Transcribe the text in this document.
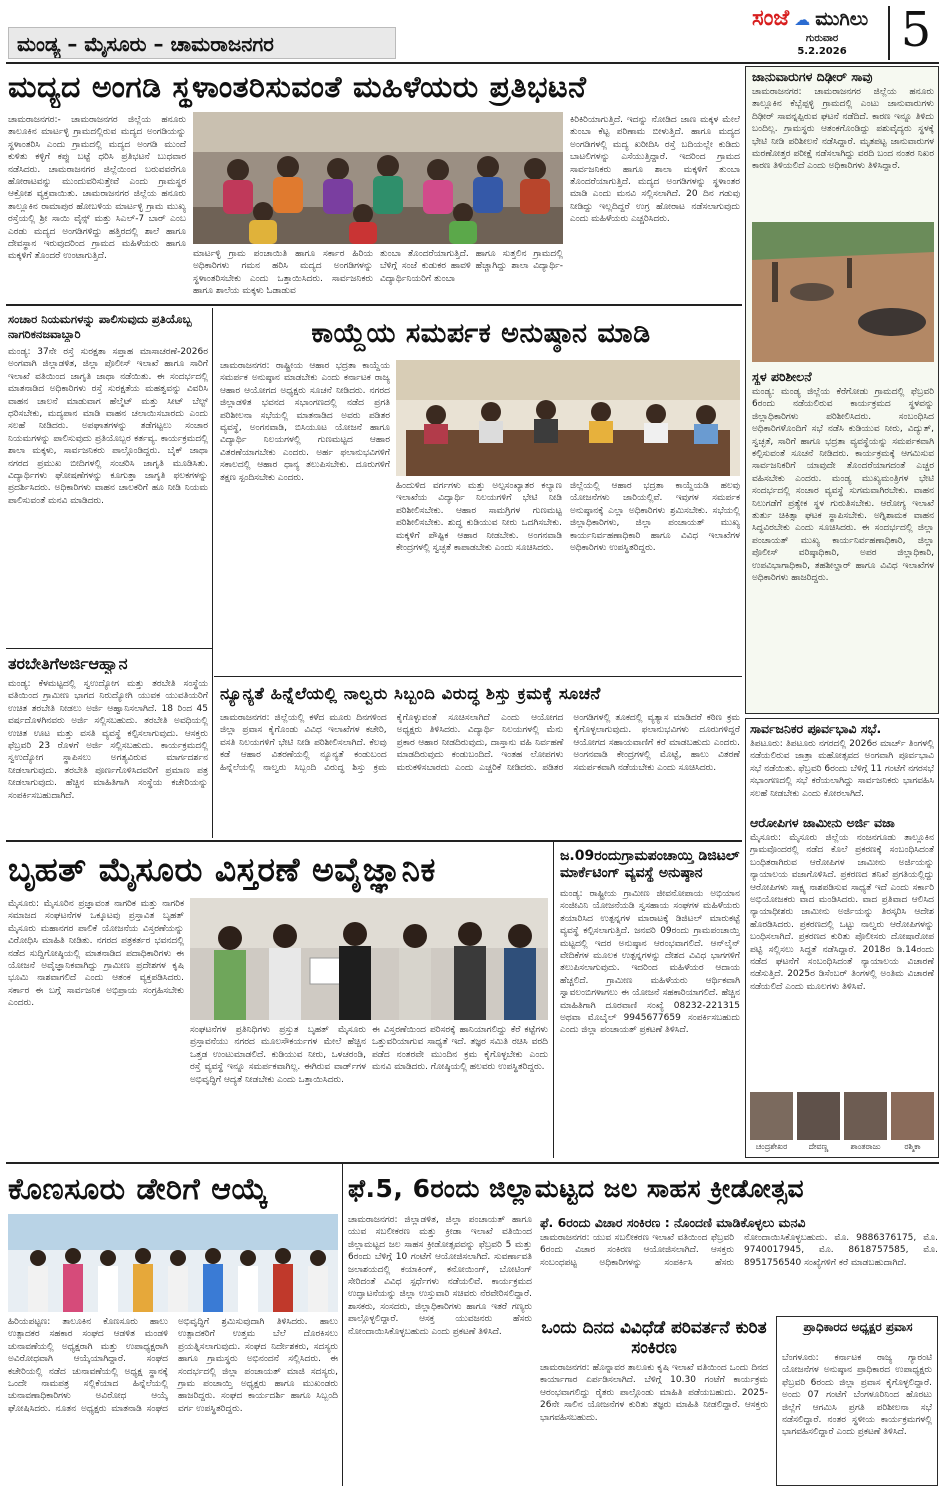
ಮಂಡ್ಯ – ಮೈಸೂರು – ಚಾಮರಾಜನಗರ
ಸಂಜೆ ☁ ಮುಗಿಲು
ಗುರುವಾರ
5.2.2026 5
ಮದ್ಯದ ಅಂಗಡಿ ಸ್ಥಳಾಂತರಿಸುವಂತೆ ಮಹಿಳೆಯರು ಪ್ರತಿಭಟನೆ
ಚಾಮರಾಜನಗರ:- ಚಾಮರಾಜನಗರ ಜಿಲ್ಲೆಯ ಹನೂರು ತಾಲೂಕಿನ ಮಾರ್ಟಳ್ಳಿ ಗ್ರಾಮದಲ್ಲಿರುವ ಮದ್ಯದ ಅಂಗಡಿಯನ್ನು ಸ್ಥಳಾಂತರಿಸಿ ಎಂದು ಗ್ರಾಮದಲ್ಲಿ ಮದ್ಯದ ಅಂಗಡಿ ಮುಂದೆ ಕುಳಿತು ಕಳ್ಳಿಗೆ ಕಪ್ಪು ಬಟ್ಟೆ ಧರಿಸಿ ಪ್ರತಿಭಟನೆ ಬುಧವಾರ ನಡೆಸಿದರು. ಚಾಮರಾಜನಗರ ಜಿಲ್ಲೆಯಿಂದ ಬರುವವರೆಗೂ ಹೋರಾಟವನ್ನು ಮುಂದುವರಿಸುತ್ತೇವೆ ಎಂದು ಗ್ರಾಮಸ್ಥರ ಆಕ್ರೋಶ ವ್ಯಕ್ತವಾಯಿತು. ಚಾಮರಾಜನಗರ ಜಿಲ್ಲೆಯ ಹನೂರು ತಾಲ್ಲೂಕಿನ ರಾಮಾಪುರ ಹೋಬಳಿಯ ಮಾರ್ಟಳ್ಳಿ ಗ್ರಾಮ ಮುಖ್ಯ ರಸ್ತೆಯಲ್ಲಿ ಶ್ರೀ ಸಾಯಿ ವೈನ್ಸ್ ಮತ್ತು ಸಿಎಲ್-7 ಬಾರ್ ಎಂಬ ಎರಡು ಮದ್ಯದ ಅಂಗಡಿಗಳಿದ್ದು ಹತ್ತಿರದಲ್ಲಿ ಶಾಲೆ ಹಾಗೂ ದೇವಸ್ಥಾನ ಇರುವುದರಿಂದ ಗ್ರಾಮದ ಮಹಿಳೆಯರು ಹಾಗೂ ಮಕ್ಕಳಿಗೆ ತೊಂದರೆ ಉಂಟಾಗುತ್ತಿದೆ.	ಮಾರ್ಟಳ್ಳಿ ಗ್ರಾಮ ಪಂಚಾಯಿತಿ ಹಾಗೂ ಸರ್ಕಾರ ಹಿರಿಯ ಅಧಿಕಾರಿಗಳು ಗಮನ ಹರಿಸಿ ಮದ್ಯದ ಅಂಗಡಿಗಳನ್ನು ಸ್ಥಳಾಂತರಿಸಬೇಕು ಎಂದು ಒತ್ತಾಯಿಸಿದರು. ಸಾರ್ವಜನಿಕರು ಹಾಗೂ ಶಾಲೆಯ ಮಕ್ಕಳು ಓಡಾಡುವ
ತುಂಬಾ ತೊಂದರೆಯಾಗುತ್ತಿದೆ. ಹಾಗೂ ಸುತ್ತಲಿನ ಗ್ರಾಮದಲ್ಲಿ ಬೆಳಿಗ್ಗೆ ಸಂಜೆ ಕುಡುಕರ ಹಾವಳಿ ಹೆಚ್ಚಾಗಿದ್ದು ಶಾಲಾ ವಿದ್ಯಾರ್ಥಿ-ವಿದ್ಯಾರ್ಥಿನಿಯರಿಗೆ ತುಂಬಾ
ಕಿರಿಕಿರಿಯಾಗುತ್ತಿದೆ. ಇದನ್ನು ನೋಡಿದ ಜಾಣ ಮಕ್ಕಳ ಮೇಲೆ ತುಂಬಾ ಕೆಟ್ಟ ಪರಿಣಾಮ ಬೀಳುತ್ತಿದೆ. ಹಾಗೂ ಮದ್ಯದ ಅಂಗಡಿಗಳಲ್ಲಿ ಮದ್ಯ ಖರೀದಿಸಿ ರಸ್ತೆ ಬದಿಯಲ್ಲೇ ಕುಡಿದು ಬಾಟಲಿಗಳನ್ನು ಎಸೆಯುತ್ತಿದ್ದಾರೆ. ಇದರಿಂದ ಗ್ರಾಮದ ಸಾರ್ವಜನಿಕರು ಹಾಗೂ ಶಾಲಾ ಮಕ್ಕಳಿಗೆ ತುಂಬಾ ತೊಂದರೆಯಾಗುತ್ತಿದೆ. ಮದ್ಯದ ಅಂಗಡಿಗಳನ್ನು ಸ್ಥಳಾಂತರ ಮಾಡಿ ಎಂದು ಮನವಿ ಸಲ್ಲಿಸಲಾಗಿದೆ. 20 ದಿನ ಗಡುವು ನೀಡಿದ್ದು ಇಲ್ಲದಿದ್ದರೆ ಉಗ್ರ ಹೋರಾಟ ನಡೆಸಲಾಗುವುದು ಎಂದು ಮಹಿಳೆಯರು ಎಚ್ಚರಿಸಿದರು.
ಜಾನುವಾರುಗಳ ದಿಢೀರ್ ಸಾವು
ಚಾಮರಾಜನಗರ: ಚಾಮರಾಜನಗರ ಜಿಲ್ಲೆಯ ಹನೂರು ತಾಲ್ಲೂಕಿನ ಕೆಬ್ಬೆಪ್ಪಳ್ಳಿ ಗ್ರಾಮದಲ್ಲಿ ಎಂಟು ಜಾನುವಾರುಗಳು ದಿಢೀರ್ ಸಾವನ್ನಪ್ಪಿರುವ ಘಟನೆ ನಡೆದಿದೆ. ಕಾರಣ ಇನ್ನೂ ತಿಳಿದು ಬಂದಿಲ್ಲ. ಗ್ರಾಮಸ್ಥರು ಆತಂಕಗೊಂಡಿದ್ದು ಪಶುವೈದ್ಯರು ಸ್ಥಳಕ್ಕೆ ಭೇಟಿ ನೀಡಿ ಪರಿಶೀಲನೆ ನಡೆಸಿದ್ದಾರೆ. ಮೃತಪಟ್ಟ ಜಾನುವಾರುಗಳ ಮರಣೋತ್ತರ ಪರೀಕ್ಷೆ ನಡೆಸಲಾಗಿದ್ದು ವರದಿ ಬಂದ ನಂತರ ನಿಖರ ಕಾರಣ ತಿಳಿಯಲಿದೆ ಎಂದು ಅಧಿಕಾರಿಗಳು ತಿಳಿಸಿದ್ದಾರೆ.
ಸ್ಥಳ ಪರಿಶೀಲನೆ
ಮಂಡ್ಯ: ಮಂಡ್ಯ ಜಿಲ್ಲೆಯ ಕೆರೆಗೋಡು ಗ್ರಾಮದಲ್ಲಿ ಫೆಬ್ರವರಿ 6ರಂದು ನಡೆಯಲಿರುವ ಕಾರ್ಯಕ್ರಮದ ಸ್ಥಳವನ್ನು ಜಿಲ್ಲಾಧಿಕಾರಿಗಳು ಪರಿಶೀಲಿಸಿದರು. ಸಂಬಂಧಿಸಿದ ಅಧಿಕಾರಿಗಳೊಂದಿಗೆ ಸಭೆ ನಡೆಸಿ ಕುಡಿಯುವ ನೀರು, ವಿದ್ಯುತ್, ಸ್ವಚ್ಛತೆ, ಸಾರಿಗೆ ಹಾಗೂ ಭದ್ರತಾ ವ್ಯವಸ್ಥೆಯನ್ನು ಸಮರ್ಪಕವಾಗಿ ಕಲ್ಪಿಸುವಂತೆ ಸೂಚನೆ ನೀಡಿದರು. ಕಾರ್ಯಕ್ರಮಕ್ಕೆ ಆಗಮಿಸುವ ಸಾರ್ವಜನಿಕರಿಗೆ ಯಾವುದೇ ತೊಂದರೆಯಾಗದಂತೆ ಎಚ್ಚರ ವಹಿಸಬೇಕು ಎಂದರು. ಮಂಡ್ಯ ಮುಖ್ಯಮಂತ್ರಿಗಳ ಭೇಟಿ ಸಂದರ್ಭದಲ್ಲಿ ಸಂಚಾರ ವ್ಯವಸ್ಥೆ ಸುಗಮವಾಗಿರಬೇಕು. ವಾಹನ ನಿಲುಗಡೆಗೆ ಪ್ರತ್ಯೇಕ ಸ್ಥಳ ಗುರುತಿಸಬೇಕು. ಆರೋಗ್ಯ ಇಲಾಖೆ ತುರ್ತು ಚಿಕಿತ್ಸಾ ಘಟಕ ಸ್ಥಾಪಿಸಬೇಕು. ಅಗ್ನಿಶಾಮಕ ವಾಹನ ಸಿದ್ಧವಿರಬೇಕು ಎಂದು ಸೂಚಿಸಿದರು. ಈ ಸಂದರ್ಭದಲ್ಲಿ ಜಿಲ್ಲಾ ಪಂಚಾಯತ್ ಮುಖ್ಯ ಕಾರ್ಯನಿರ್ವಹಣಾಧಿಕಾರಿ, ಜಿಲ್ಲಾ ಪೊಲೀಸ್ ವರಿಷ್ಠಾಧಿಕಾರಿ, ಅಪರ ಜಿಲ್ಲಾಧಿಕಾರಿ, ಉಪವಿಭಾಗಾಧಿಕಾರಿ, ತಹಶೀಲ್ದಾರ್ ಹಾಗೂ ವಿವಿಧ ಇಲಾಖೆಗಳ ಅಧಿಕಾರಿಗಳು ಹಾಜರಿದ್ದರು.
ಸಂಚಾರ ನಿಯಮಗಳನ್ನು ಪಾಲಿಸುವುದು ಪ್ರತಿಯೊಬ್ಬ ನಾಗರಿಕನಜವಾಬ್ದಾರಿ
ಮಂಡ್ಯ: 37ನೇ ರಸ್ತೆ ಸುರಕ್ಷತಾ ಸಪ್ತಾಹ ಮಾಸಾಚರಣೆ-2026ರ ಅಂಗವಾಗಿ ಜಿಲ್ಲಾಡಳಿತ, ಜಿಲ್ಲಾ ಪೊಲೀಸ್ ಇಲಾಖೆ ಹಾಗೂ ಸಾರಿಗೆ ಇಲಾಖೆ ವತಿಯಿಂದ ಜಾಗೃತಿ ಜಾಥಾ ನಡೆಯಿತು. ಈ ಸಂದರ್ಭದಲ್ಲಿ ಮಾತನಾಡಿದ ಅಧಿಕಾರಿಗಳು ರಸ್ತೆ ಸುರಕ್ಷತೆಯ ಮಹತ್ವವನ್ನು ವಿವರಿಸಿ ವಾಹನ ಚಾಲನೆ ಮಾಡುವಾಗ ಹೆಲ್ಮೆಟ್ ಮತ್ತು ಸೀಟ್ ಬೆಲ್ಟ್ ಧರಿಸಬೇಕು, ಮದ್ಯಪಾನ ಮಾಡಿ ವಾಹನ ಚಲಾಯಿಸಬಾರದು ಎಂದು ಸಲಹೆ ನೀಡಿದರು. ಅಪಘಾತಗಳನ್ನು ತಡೆಗಟ್ಟಲು ಸಂಚಾರ ನಿಯಮಗಳನ್ನು ಪಾಲಿಸುವುದು ಪ್ರತಿಯೊಬ್ಬರ ಕರ್ತವ್ಯ. ಕಾರ್ಯಕ್ರಮದಲ್ಲಿ ಶಾಲಾ ಮಕ್ಕಳು, ಸಾರ್ವಜನಿಕರು ಪಾಲ್ಗೊಂಡಿದ್ದರು. ಬೈಕ್ ಜಾಥಾ ನಗರದ ಪ್ರಮುಖ ಬೀದಿಗಳಲ್ಲಿ ಸಂಚರಿಸಿ ಜಾಗೃತಿ ಮೂಡಿಸಿತು. ವಿದ್ಯಾರ್ಥಿಗಳು ಘೋಷಣೆಗಳನ್ನು ಕೂಗುತ್ತಾ ಜಾಗೃತಿ ಫಲಕಗಳನ್ನು ಪ್ರದರ್ಶಿಸಿದರು. ಅಧಿಕಾರಿಗಳು ವಾಹನ ಚಾಲಕರಿಗೆ ಹೂ ನೀಡಿ ನಿಯಮ ಪಾಲಿಸುವಂತೆ ಮನವಿ ಮಾಡಿದರು.
ಕಾಯ್ದೆಯ ಸಮರ್ಪಕ ಅನುಷ್ಠಾನ ಮಾಡಿ
ಚಾಮರಾಜನಗರ: ರಾಷ್ಟ್ರೀಯ ಆಹಾರ ಭದ್ರತಾ ಕಾಯ್ದೆಯ ಸಮರ್ಪಕ ಅನುಷ್ಠಾನ ಮಾಡಬೇಕು ಎಂದು ಕರ್ನಾಟಕ ರಾಜ್ಯ ಆಹಾರ ಆಯೋಗದ ಅಧ್ಯಕ್ಷರು ಸೂಚನೆ ನೀಡಿದರು. ನಗರದ ಜಿಲ್ಲಾಡಳಿತ ಭವನದ ಸಭಾಂಗಣದಲ್ಲಿ ನಡೆದ ಪ್ರಗತಿ ಪರಿಶೀಲನಾ ಸಭೆಯಲ್ಲಿ ಮಾತನಾಡಿದ ಅವರು ಪಡಿತರ ವ್ಯವಸ್ಥೆ, ಅಂಗನವಾಡಿ, ಬಿಸಿಯೂಟ ಯೋಜನೆ ಹಾಗೂ ವಿದ್ಯಾರ್ಥಿ ನಿಲಯಗಳಲ್ಲಿ ಗುಣಮಟ್ಟದ ಆಹಾರ ವಿತರಣೆಯಾಗಬೇಕು ಎಂದರು. ಅರ್ಹ ಫಲಾನುಭವಿಗಳಿಗೆ ಸಕಾಲದಲ್ಲಿ ಆಹಾರ ಧಾನ್ಯ ತಲುಪಿಸಬೇಕು. ದೂರುಗಳಿಗೆ ತಕ್ಷಣ ಸ್ಪಂದಿಸಬೇಕು ಎಂದರು.
ಹಿಂದುಳಿದ ವರ್ಗಗಳು ಮತ್ತು ಅಲ್ಪಸಂಖ್ಯಾತರ ಕಲ್ಯಾಣ ಇಲಾಖೆಯ ವಿದ್ಯಾರ್ಥಿ ನಿಲಯಗಳಿಗೆ ಭೇಟಿ ನೀಡಿ ಪರಿಶೀಲಿಸಬೇಕು. ಆಹಾರ ಸಾಮಗ್ರಿಗಳ ಗುಣಮಟ್ಟ ಪರಿಶೀಲಿಸಬೇಕು. ಶುದ್ಧ ಕುಡಿಯುವ ನೀರು ಒದಗಿಸಬೇಕು. ಮಕ್ಕಳಿಗೆ ಪೌಷ್ಟಿಕ ಆಹಾರ ನೀಡಬೇಕು. ಅಂಗನವಾಡಿ ಕೇಂದ್ರಗಳಲ್ಲಿ ಸ್ವಚ್ಛತೆ ಕಾಪಾಡಬೇಕು ಎಂದು ಸೂಚಿಸಿದರು.
ಜಿಲ್ಲೆಯಲ್ಲಿ ಆಹಾರ ಭದ್ರತಾ ಕಾಯ್ದೆಯಡಿ ಹಲವು ಯೋಜನೆಗಳು ಜಾರಿಯಲ್ಲಿವೆ. ಇವುಗಳ ಸಮರ್ಪಕ ಅನುಷ್ಠಾನಕ್ಕೆ ಎಲ್ಲಾ ಅಧಿಕಾರಿಗಳು ಶ್ರಮಿಸಬೇಕು. ಸಭೆಯಲ್ಲಿ ಜಿಲ್ಲಾಧಿಕಾರಿಗಳು, ಜಿಲ್ಲಾ ಪಂಚಾಯತ್ ಮುಖ್ಯ ಕಾರ್ಯನಿರ್ವಹಣಾಧಿಕಾರಿ ಹಾಗೂ ವಿವಿಧ ಇಲಾಖೆಗಳ ಅಧಿಕಾರಿಗಳು ಉಪಸ್ಥಿತರಿದ್ದರು.
ತರಬೇತಿಗೆಅರ್ಜಿಆಹ್ವಾನ
ಮಂಡ್ಯ: ಕೆಳಮಟ್ಟದಲ್ಲಿ ಸ್ವಉದ್ಯೋಗ ಮತ್ತು ತರಬೇತಿ ಸಂಸ್ಥೆಯ ವತಿಯಿಂದ ಗ್ರಾಮೀಣ ಭಾಗದ ನಿರುದ್ಯೋಗಿ ಯುವಕ ಯುವತಿಯರಿಗೆ ಉಚಿತ ತರಬೇತಿ ನೀಡಲು ಅರ್ಜಿ ಆಹ್ವಾನಿಸಲಾಗಿದೆ. 18 ರಿಂದ 45 ವರ್ಷದೊಳಗಿನವರು ಅರ್ಜಿ ಸಲ್ಲಿಸಬಹುದು. ತರಬೇತಿ ಅವಧಿಯಲ್ಲಿ ಉಚಿತ ಊಟ ಮತ್ತು ವಸತಿ ವ್ಯವಸ್ಥೆ ಕಲ್ಪಿಸಲಾಗುವುದು. ಆಸಕ್ತರು ಫೆಬ್ರವರಿ 23 ರೊಳಗೆ ಅರ್ಜಿ ಸಲ್ಲಿಸಬಹುದು. ಕಾರ್ಯಕ್ರಮದಲ್ಲಿ ಸ್ವಉದ್ಯೋಗ ಸ್ಥಾಪಿಸಲು ಅಗತ್ಯವಿರುವ ಮಾರ್ಗದರ್ಶನ ನೀಡಲಾಗುವುದು. ತರಬೇತಿ ಪೂರ್ಣಗೊಳಿಸಿದವರಿಗೆ ಪ್ರಮಾಣ ಪತ್ರ ನೀಡಲಾಗುವುದು. ಹೆಚ್ಚಿನ ಮಾಹಿತಿಗಾಗಿ ಸಂಸ್ಥೆಯ ಕಚೇರಿಯನ್ನು ಸಂಪರ್ಕಿಸಬಹುದಾಗಿದೆ.
ನ್ಯೂನ್ಯತೆ ಹಿನ್ನೆಲೆಯಲ್ಲಿ ನಾಲ್ವರು ಸಿಬ್ಬಂದಿ ವಿರುದ್ಧ ಶಿಸ್ತು ಕ್ರಮಕ್ಕೆ ಸೂಚನೆ
ಚಾಮರಾಜನಗರ: ಜಿಲ್ಲೆಯಲ್ಲಿ ಕಳೆದ ಮೂರು ದಿನಗಳಿಂದ ಜಿಲ್ಲಾ ಪ್ರವಾಸ ಕೈಗೊಂಡು ವಿವಿಧ ಇಲಾಖೆಗಳ ಕಚೇರಿ, ವಸತಿ ನಿಲಯಗಳಿಗೆ ಭೇಟಿ ನೀಡಿ ಪರಿಶೀಲಿಸಲಾಗಿದೆ. ಕೆಲವು ಕಡೆ ಆಹಾರ ವಿತರಣೆಯಲ್ಲಿ ನ್ಯೂನ್ಯತೆ ಕಂಡುಬಂದ ಹಿನ್ನೆಲೆಯಲ್ಲಿ ನಾಲ್ವರು ಸಿಬ್ಬಂದಿ ವಿರುದ್ಧ ಶಿಸ್ತು ಕ್ರಮ ಕೈಗೊಳ್ಳುವಂತೆ ಸೂಚಿಸಲಾಗಿದೆ ಎಂದು ಆಯೋಗದ ಅಧ್ಯಕ್ಷರು ತಿಳಿಸಿದರು. ವಿದ್ಯಾರ್ಥಿ ನಿಲಯಗಳಲ್ಲಿ ಮೆನು ಪ್ರಕಾರ ಆಹಾರ ನೀಡದಿರುವುದು, ದಾಸ್ತಾನು ವಹಿ ನಿರ್ವಹಣೆ ಮಾಡದಿರುವುದು ಕಂಡುಬಂದಿದೆ. ಇಂತಹ ಲೋಪಗಳು ಮರುಕಳಿಸಬಾರದು ಎಂದು ಎಚ್ಚರಿಕೆ ನೀಡಿದರು. ಪಡಿತರ ಅಂಗಡಿಗಳಲ್ಲಿ ತೂಕದಲ್ಲಿ ವ್ಯತ್ಯಾಸ ಮಾಡಿದರೆ ಕಠಿಣ ಕ್ರಮ ಕೈಗೊಳ್ಳಲಾಗುವುದು. ಫಲಾನುಭವಿಗಳು ದೂರುಗಳಿದ್ದರೆ ಆಯೋಗದ ಸಹಾಯವಾಣಿಗೆ ಕರೆ ಮಾಡಬಹುದು ಎಂದರು. ಅಂಗನವಾಡಿ ಕೇಂದ್ರಗಳಲ್ಲಿ ಮೊಟ್ಟೆ, ಹಾಲು ವಿತರಣೆ ಸಮರ್ಪಕವಾಗಿ ನಡೆಯಬೇಕು ಎಂದು ಸೂಚಿಸಿದರು.
ಸಾರ್ವಜನಿಕರ ಪೂರ್ವಭಾವಿ ಸಭೆ.
ತಿಪಟೂರು: ತಿಪಟೂರು ನಗರದಲ್ಲಿ 2026ರ ಮಾರ್ಚ್ ತಿಂಗಳಲ್ಲಿ ನಡೆಯಲಿರುವ ಜಾತ್ರಾ ಮಹೋತ್ಸವದ ಅಂಗವಾಗಿ ಪೂರ್ವಭಾವಿ ಸಭೆ ನಡೆಯಿತು. ಫೆಬ್ರವರಿ 6ರಂದು ಬೆಳಿಗ್ಗೆ 11 ಗಂಟೆಗೆ ನಗರಸಭೆ ಸಭಾಂಗಣದಲ್ಲಿ ಸಭೆ ಕರೆಯಲಾಗಿದ್ದು ಸಾರ್ವಜನಿಕರು ಭಾಗವಹಿಸಿ ಸಲಹೆ ನೀಡಬೇಕು ಎಂದು ಕೋರಲಾಗಿದೆ.
ಆರೋಪಿಗಳ ಜಾಮೀನು ಅರ್ಜಿ ವಜಾ
ಮೈಸೂರು: ಮೈಸೂರು ಜಿಲ್ಲೆಯ ನಂಜನಗೂಡು ತಾಲ್ಲೂಕಿನ ಗ್ರಾಮವೊಂದರಲ್ಲಿ ನಡೆದ ಕೊಲೆ ಪ್ರಕರಣಕ್ಕೆ ಸಂಬಂಧಿಸಿದಂತೆ ಬಂಧಿತರಾಗಿರುವ ಆರೋಪಿಗಳ ಜಾಮೀನು ಅರ್ಜಿಯನ್ನು ನ್ಯಾಯಾಲಯ ವಜಾಗೊಳಿಸಿದೆ. ಪ್ರಕರಣದ ತನಿಖೆ ಪ್ರಗತಿಯಲ್ಲಿದ್ದು ಆರೋಪಿಗಳು ಸಾಕ್ಷ್ಯ ನಾಶಪಡಿಸುವ ಸಾಧ್ಯತೆ ಇದೆ ಎಂದು ಸರ್ಕಾರಿ ಅಭಿಯೋಜಕರು ವಾದ ಮಂಡಿಸಿದರು. ವಾದ ಪ್ರತಿವಾದ ಆಲಿಸಿದ ನ್ಯಾಯಾಧೀಶರು ಜಾಮೀನು ಅರ್ಜಿಯನ್ನು ತಿರಸ್ಕರಿಸಿ ಆದೇಶ ಹೊರಡಿಸಿದರು. ಪ್ರಕರಣದಲ್ಲಿ ಒಟ್ಟು ನಾಲ್ವರು ಆರೋಪಿಗಳನ್ನು ಬಂಧಿಸಲಾಗಿದೆ. ಪ್ರಕರಣದ ಕುರಿತು ಪೊಲೀಸರು ದೋಷಾರೋಪ ಪಟ್ಟಿ ಸಲ್ಲಿಸಲು ಸಿದ್ಧತೆ ನಡೆಸಿದ್ದಾರೆ. 2018ರ ಡಿ.14ರಂದು ನಡೆದ ಘಟನೆಗೆ ಸಂಬಂಧಿಸಿದಂತೆ ನ್ಯಾಯಾಲಯ ವಿಚಾರಣೆ ನಡೆಸುತ್ತಿದೆ. 2025ರ ಡಿಸೆಂಬರ್ ತಿಂಗಳಲ್ಲಿ ಅಂತಿಮ ವಿಚಾರಣೆ ನಡೆಯಲಿದೆ ಎಂದು ಮೂಲಗಳು ತಿಳಿಸಿವೆ.
ಚಂದ್ರಶೇಖರ	ದೇವಣ್ಣ	ಶಾಂತರಾಜು	ರಶ್ಮಿಕಾ
ಬೃಹತ್ ಮೈಸೂರು ವಿಸ್ತರಣೆ ಅವೈಜ್ಞಾನಿಕ
ಮೈಸೂರು: ಮೈಸೂರಿನ ಪ್ರಜ್ಞಾವಂತ ನಾಗರಿಕ ಮತ್ತು ನಾಗರಿಕ ಸಮಾಜದ ಸಂಘಟನೆಗಳ ಒಕ್ಕೂಟವು ಪ್ರಸ್ತಾವಿತ ಬೃಹತ್ ಮೈಸೂರು ಮಹಾನಗರ ಪಾಲಿಕೆ ಯೋಜನೆಯ ವಿಸ್ತರಣೆಯನ್ನು ವಿರೋಧಿಸಿ ಮಾಹಿತಿ ನೀಡಿತು. ನಗರದ ಪತ್ರಕರ್ತರ ಭವನದಲ್ಲಿ ನಡೆದ ಸುದ್ದಿಗೋಷ್ಠಿಯಲ್ಲಿ ಮಾತನಾಡಿದ ಪದಾಧಿಕಾರಿಗಳು ಈ ಯೋಜನೆ ಅವೈಜ್ಞಾನಿಕವಾಗಿದ್ದು ಗ್ರಾಮೀಣ ಪ್ರದೇಶಗಳ ಕೃಷಿ ಭೂಮಿ ನಾಶವಾಗಲಿದೆ ಎಂದು ಆತಂಕ ವ್ಯಕ್ತಪಡಿಸಿದರು. ಸರ್ಕಾರ ಈ ಬಗ್ಗೆ ಸಾರ್ವಜನಿಕ ಅಭಿಪ್ರಾಯ ಸಂಗ್ರಹಿಸಬೇಕು ಎಂದರು.
ಸಂಘಟನೆಗಳ ಪ್ರತಿನಿಧಿಗಳು ಪ್ರಸ್ತುತ ಬೃಹತ್ ಮೈಸೂರು ಪ್ರಸ್ತಾವನೆಯು ನಗರದ ಮೂಲಸೌಕರ್ಯಗಳ ಮೇಲೆ ಹೆಚ್ಚಿನ ಒತ್ತಡ ಉಂಟುಮಾಡಲಿದೆ. ಕುಡಿಯುವ ನೀರು, ಒಳಚರಂಡಿ, ರಸ್ತೆ ವ್ಯವಸ್ಥೆ ಇನ್ನೂ ಸಮರ್ಪಕವಾಗಿಲ್ಲ. ಈಗಿರುವ ವಾರ್ಡ್‌ಗಳ ಅಭಿವೃದ್ಧಿಗೆ ಆದ್ಯತೆ ನೀಡಬೇಕು ಎಂದು ಒತ್ತಾಯಿಸಿದರು.
ಈ ವಿಸ್ತರಣೆಯಿಂದ ಪರಿಸರಕ್ಕೆ ಹಾನಿಯಾಗಲಿದ್ದು ಕೆರೆ ಕಟ್ಟೆಗಳು ಒತ್ತುವರಿಯಾಗುವ ಸಾಧ್ಯತೆ ಇದೆ. ತಜ್ಞರ ಸಮಿತಿ ರಚಿಸಿ ವರದಿ ಪಡೆದ ನಂತರವೇ ಮುಂದಿನ ಕ್ರಮ ಕೈಗೊಳ್ಳಬೇಕು ಎಂದು ಮನವಿ ಮಾಡಿದರು. ಗೋಷ್ಠಿಯಲ್ಲಿ ಹಲವರು ಉಪಸ್ಥಿತರಿದ್ದರು.
ಜ.09ರಂದುಗ್ರಾಮಪಂಚಾಯ್ತಿ ಡಿಜಿಟಲ್ ಮಾರ್ಕೆಟಿಂಗ್ ವ್ಯವಸ್ಥೆ ಅನುಷ್ಠಾನ
ಮಂಡ್ಯ: ರಾಷ್ಟ್ರೀಯ ಗ್ರಾಮೀಣ ಜೀವನೋಪಾಯ ಅಭಿಯಾನ ಸಂಜೀವಿನಿ ಯೋಜನೆಯಡಿ ಸ್ವಸಹಾಯ ಸಂಘಗಳ ಮಹಿಳೆಯರು ತಯಾರಿಸಿದ ಉತ್ಪನ್ನಗಳ ಮಾರಾಟಕ್ಕೆ ಡಿಜಿಟಲ್ ಮಾರುಕಟ್ಟೆ ವ್ಯವಸ್ಥೆ ಕಲ್ಪಿಸಲಾಗುತ್ತಿದೆ. ಜನವರಿ 09ರಂದು ಗ್ರಾಮಪಂಚಾಯ್ತಿ ಮಟ್ಟದಲ್ಲಿ ಇದರ ಅನುಷ್ಠಾನ ಆರಂಭವಾಗಲಿದೆ. ಆನ್‌ಲೈನ್ ವೇದಿಕೆಗಳ ಮೂಲಕ ಉತ್ಪನ್ನಗಳನ್ನು ದೇಶದ ವಿವಿಧ ಭಾಗಗಳಿಗೆ ತಲುಪಿಸಲಾಗುವುದು. ಇದರಿಂದ ಮಹಿಳೆಯರ ಆದಾಯ ಹೆಚ್ಚಲಿದೆ. ಗ್ರಾಮೀಣ ಮಹಿಳೆಯರು ಆರ್ಥಿಕವಾಗಿ ಸ್ವಾವಲಂಬಿಗಳಾಗಲು ಈ ಯೋಜನೆ ಸಹಕಾರಿಯಾಗಲಿದೆ. ಹೆಚ್ಚಿನ ಮಾಹಿತಿಗಾಗಿ ದೂರವಾಣಿ ಸಂಖ್ಯೆ 08232-221315 ಅಥವಾ ಮೊಬೈಲ್ 9945677659 ಸಂಪರ್ಕಿಸಬಹುದು ಎಂದು ಜಿಲ್ಲಾ ಪಂಚಾಯತ್ ಪ್ರಕಟಣೆ ತಿಳಿಸಿದೆ.
ಕೊಣಸೂರು ಡೇರಿಗೆ ಆಯ್ಕೆ
ಹಿರಿಯಪಟ್ಟಣ: ತಾಲೂಕಿನ ಕೊಣಸೂರು ಹಾಲು ಉತ್ಪಾದಕರ ಸಹಕಾರ ಸಂಘದ ಆಡಳಿತ ಮಂಡಳಿ ಚುನಾವಣೆಯಲ್ಲಿ ಅಧ್ಯಕ್ಷರಾಗಿ ಮತ್ತು ಉಪಾಧ್ಯಕ್ಷರಾಗಿ ಅವಿರೋಧವಾಗಿ ಆಯ್ಕೆಯಾಗಿದ್ದಾರೆ. ಸಂಘದ ಕಚೇರಿಯಲ್ಲಿ ನಡೆದ ಚುನಾವಣೆಯಲ್ಲಿ ಅಧ್ಯಕ್ಷ ಸ್ಥಾನಕ್ಕೆ ಒಂದೇ ನಾಮಪತ್ರ ಸಲ್ಲಿಕೆಯಾದ ಹಿನ್ನೆಲೆಯಲ್ಲಿ ಚುನಾವಣಾಧಿಕಾರಿಗಳು ಅವಿರೋಧ ಆಯ್ಕೆ ಘೋಷಿಸಿದರು. ನೂತನ ಅಧ್ಯಕ್ಷರು ಮಾತನಾಡಿ ಸಂಘದ ಅಭಿವೃದ್ಧಿಗೆ ಶ್ರಮಿಸುವುದಾಗಿ ತಿಳಿಸಿದರು. ಹಾಲು ಉತ್ಪಾದಕರಿಗೆ ಉತ್ತಮ ಬೆಲೆ ದೊರಕಿಸಲು ಪ್ರಯತ್ನಿಸಲಾಗುವುದು. ಸಂಘದ ನಿರ್ದೇಶಕರು, ಸದಸ್ಯರು ಹಾಗೂ ಗ್ರಾಮಸ್ಥರು ಅಭಿನಂದನೆ ಸಲ್ಲಿಸಿದರು. ಈ ಸಂದರ್ಭದಲ್ಲಿ ಜಿಲ್ಲಾ ಪಂಚಾಯತ್ ಮಾಜಿ ಸದಸ್ಯರು, ಗ್ರಾಮ ಪಂಚಾಯ್ತಿ ಅಧ್ಯಕ್ಷರು ಹಾಗೂ ಮುಖಂಡರು ಹಾಜರಿದ್ದರು. ಸಂಘದ ಕಾರ್ಯದರ್ಶಿ ಹಾಗೂ ಸಿಬ್ಬಂದಿ ವರ್ಗ ಉಪಸ್ಥಿತರಿದ್ದರು.
ಫೆ.5, 6ರಂದು ಜಿಲ್ಲಾಮಟ್ಟದ ಜಲ ಸಾಹಸ ಕ್ರೀಡೋತ್ಸವ
ಚಾಮರಾಜನಗರ: ಜಿಲ್ಲಾಡಳಿತ, ಜಿಲ್ಲಾ ಪಂಚಾಯತ್ ಹಾಗೂ ಯುವ ಸಬಲೀಕರಣ ಮತ್ತು ಕ್ರೀಡಾ ಇಲಾಖೆ ವತಿಯಿಂದ ಜಿಲ್ಲಾಮಟ್ಟದ ಜಲ ಸಾಹಸ ಕ್ರೀಡೋತ್ಸವವನ್ನು ಫೆಬ್ರವರಿ 5 ಮತ್ತು 6ರಂದು ಬೆಳಿಗ್ಗೆ 10 ಗಂಟೆಗೆ ಆಯೋಜಿಸಲಾಗಿದೆ. ಸುವರ್ಣಾವತಿ ಜಲಾಶಯದಲ್ಲಿ ಕಯಾಕಿಂಗ್, ಕನೋಯಿಂಗ್, ಬೋಟಿಂಗ್ ಸೇರಿದಂತೆ ವಿವಿಧ ಸ್ಪರ್ಧೆಗಳು ನಡೆಯಲಿವೆ. ಕಾರ್ಯಕ್ರಮದ ಉದ್ಘಾಟನೆಯನ್ನು ಜಿಲ್ಲಾ ಉಸ್ತುವಾರಿ ಸಚಿವರು ನೆರವೇರಿಸಲಿದ್ದಾರೆ. ಶಾಸಕರು, ಸಂಸದರು, ಜಿಲ್ಲಾಧಿಕಾರಿಗಳು ಹಾಗೂ ಇತರೆ ಗಣ್ಯರು ಪಾಲ್ಗೊಳ್ಳಲಿದ್ದಾರೆ. ಆಸಕ್ತ ಯುವಜನರು ಹೆಸರು ನೋಂದಾಯಿಸಿಕೊಳ್ಳಬಹುದು ಎಂದು ಪ್ರಕಟಣೆ ತಿಳಿಸಿದೆ.
ಫೆ. 6ರಂದು ವಿಚಾರ ಸಂಕಿರಣ : ನೊಂದಣಿ ಮಾಡಿಕೊಳ್ಳಲು ಮನವಿ
ಚಾಮರಾಜನಗರ: ಯುವ ಸಬಲೀಕರಣ ಇಲಾಖೆ ವತಿಯಿಂದ ಫೆಬ್ರವರಿ 6ರಂದು ವಿಚಾರ ಸಂಕಿರಣ ಆಯೋಜಿಸಲಾಗಿದೆ. ಆಸಕ್ತರು ಸಂಬಂಧಪಟ್ಟ ಅಧಿಕಾರಿಗಳನ್ನು ಸಂಪರ್ಕಿಸಿ ಹೆಸರು ನೋಂದಾಯಿಸಿಕೊಳ್ಳಬಹುದು. ಮೊ. 9886376175, ಮೊ. 9740017945, ಮೊ. 8618757585, ಮೊ. 8951756540 ಸಂಖ್ಯೆಗಳಿಗೆ ಕರೆ ಮಾಡಬಹುದಾಗಿದೆ.
ಒಂದು ದಿನದ ವಿವಿಧೆಡೆ ಪರಿವರ್ತನೆ ಕುರಿತ ಸಂಕಿರಣ
ಚಾಮರಾಜನಗರ: ಹೊನ್ನಾವರ ತಾಲೂಕು ಕೃಷಿ ಇಲಾಖೆ ವತಿಯಿಂದ ಒಂದು ದಿನದ ಕಾರ್ಯಾಗಾರ ಏರ್ಪಡಿಸಲಾಗಿದೆ. ಬೆಳಿಗ್ಗೆ 10.30 ಗಂಟೆಗೆ ಕಾರ್ಯಕ್ರಮ ಆರಂಭವಾಗಲಿದ್ದು ರೈತರು ಪಾಲ್ಗೊಂಡು ಮಾಹಿತಿ ಪಡೆಯಬಹುದು. 2025-26ನೇ ಸಾಲಿನ ಯೋಜನೆಗಳ ಕುರಿತು ತಜ್ಞರು ಮಾಹಿತಿ ನೀಡಲಿದ್ದಾರೆ. ಆಸಕ್ತರು ಭಾಗವಹಿಸಬಹುದು.
ಪ್ರಾಧಿಕಾರದ ಅಧ್ಯಕ್ಷರ ಪ್ರವಾಸ
ಬೆಂಗಳೂರು: ಕರ್ನಾಟಕ ರಾಜ್ಯ ಗ್ಯಾರಂಟಿ ಯೋಜನೆಗಳ ಅನುಷ್ಠಾನ ಪ್ರಾಧಿಕಾರದ ಉಪಾಧ್ಯಕ್ಷರು ಫೆಬ್ರವರಿ 6ರಂದು ಜಿಲ್ಲಾ ಪ್ರವಾಸ ಕೈಗೊಳ್ಳಲಿದ್ದಾರೆ. ಅಂದು 07 ಗಂಟೆಗೆ ಬೆಂಗಳೂರಿನಿಂದ ಹೊರಟು ಜಿಲ್ಲೆಗೆ ಆಗಮಿಸಿ ಪ್ರಗತಿ ಪರಿಶೀಲನಾ ಸಭೆ ನಡೆಸಲಿದ್ದಾರೆ. ನಂತರ ಸ್ಥಳೀಯ ಕಾರ್ಯಕ್ರಮಗಳಲ್ಲಿ ಭಾಗವಹಿಸಲಿದ್ದಾರೆ ಎಂದು ಪ್ರಕಟಣೆ ತಿಳಿಸಿದೆ.
